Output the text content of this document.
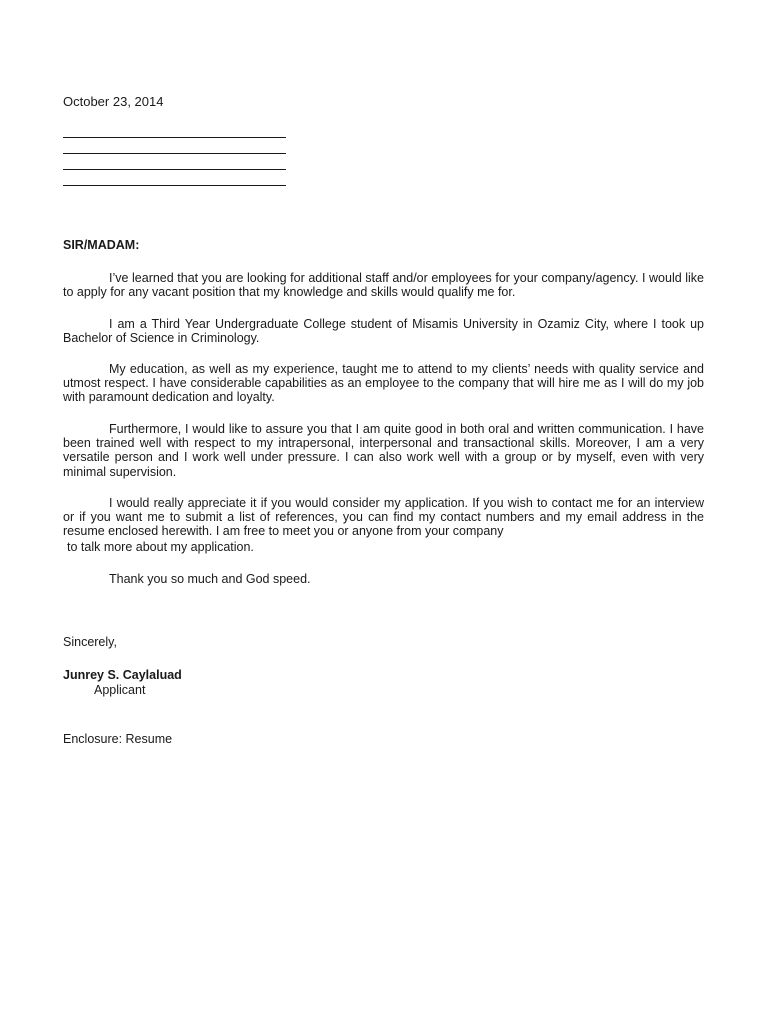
October 23, 2014
SIR/MADAM:

I’ve learned that you are looking for additional staff and/or employees for your company/agency. I would like to apply for any vacant position that my knowledge and skills would qualify me for.

I am a Third Year Undergraduate College student of Misamis University in Ozamiz City, where I took up Bachelor of Science in Criminology.

My education, as well as my experience, taught me to attend to my clients’ needs with quality service and utmost respect. I have considerable capabilities as an employee to the company that will hire me as I will do my job with paramount dedication and loyalty.

Furthermore, I would like to assure you that I am quite good in both oral and written communication. I have been trained well with respect to my intrapersonal, interpersonal and transactional skills. Moreover, I am a very versatile person and I work well under pressure. I can also work well with a group or by myself, even with very minimal supervision.

I would really appreciate it if you would consider my application. If you wish to contact me for an interview or if you want me to submit a list of references, you can find my contact numbers and my email address in the resume enclosed herewith. I am free to meet you or anyone from your company

to talk more about my application.
Thank you so much and God speed.
Sincerely,
Junrey S. Caylaluad
Applicant
Enclosure: Resume
